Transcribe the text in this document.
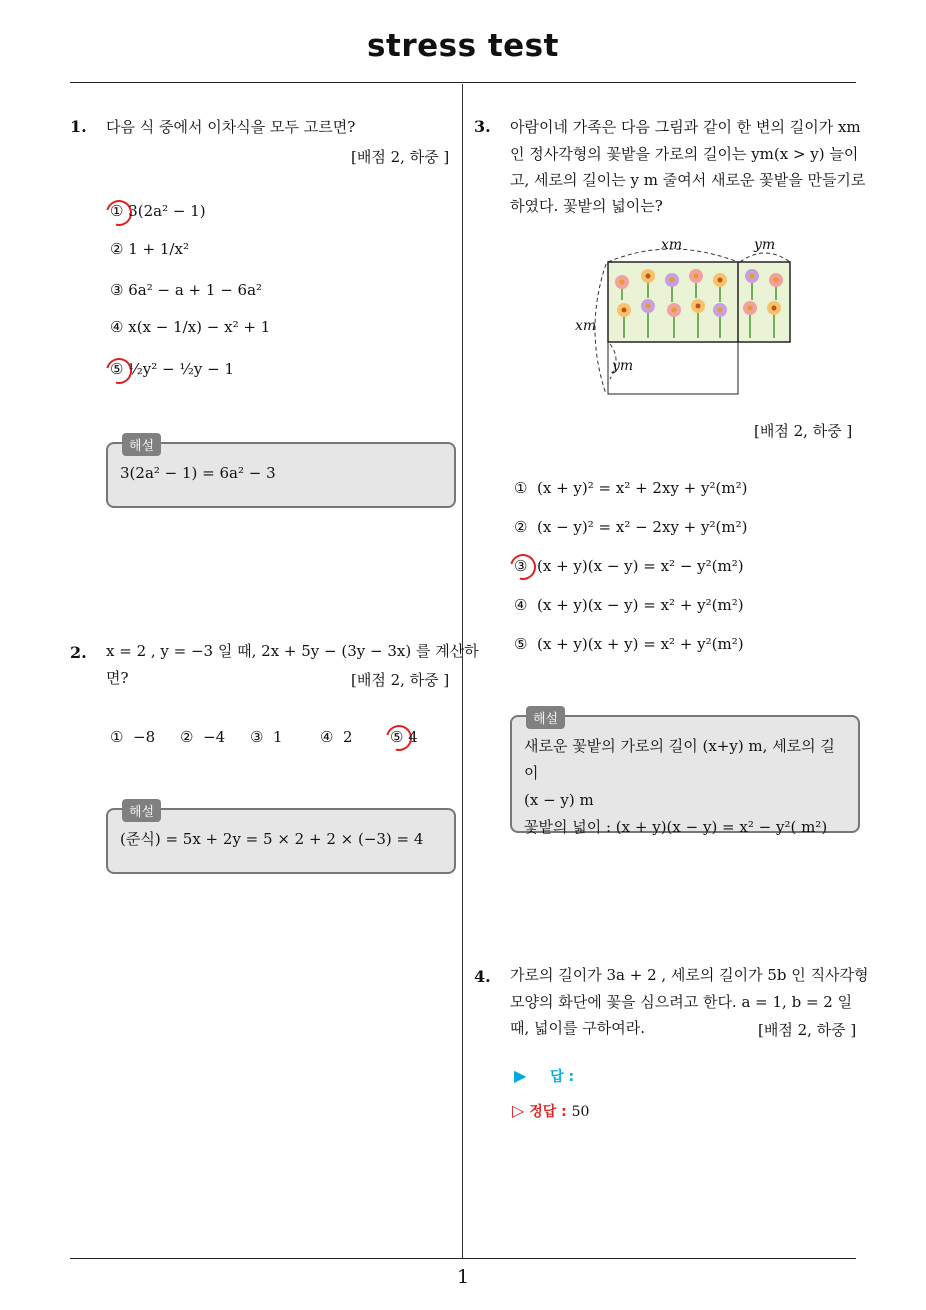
stress test
1
1. 다음 식 중에서 이차식을 모두 고르면?
[배점 2, 하중 ]
① 3(2a² − 1)
② 1 + 1/x²
③ 6a² − a + 1 − 6a²
④ x(x − 1/x) − x² + 1
⑤ ½y² − ½y − 1
해설
3(2a² − 1) = 6a² − 3
2. x = 2 , y = −3 일 때, 2x + 5y − (3y − 3x) 를 계산하
면?	[배점 2, 하중 ]
① −8 ② −4 ③ 1 ④ 2 ⑤ 4
해설
(준식) = 5x + 2y = 5 × 2 + 2 × (−3) = 4
3. 아람이네 가족은 다음 그림과 같이 한 변의 길이가 xm
인 정사각형의 꽃밭을 가로의 길이는 ym(x > y) 늘이
고, 세로의 길이는 y m 줄여서 새로운 꽃밭을 만들기로
하였다. 꽃밭의 넓이는?
xm	ym
xm
ym
[배점 2, 하중 ]
① (x + y)² = x² + 2xy + y²(m²)
② (x − y)² = x² − 2xy + y²(m²)
③ (x + y)(x − y) = x² − y²(m²)
④ (x + y)(x − y) = x² + y²(m²)
⑤ (x + y)(x + y) = x² + y²(m²)
해설
새로운 꽃밭의 가로의 길이 (x+y) m, 세로의 길이
(x − y) m
꽃밭의 넓이 : (x + y)(x − y) = x² − y²( m²)
4. 가로의 길이가 3a + 2 , 세로의 길이가 5b 인 직사각형
모양의 화단에 꽃을 심으려고 한다. a = 1, b = 2 일
때, 넓이를 구하여라.	[배점 2, 하중 ]
▶ 답 :
▷ 정답 : 50
